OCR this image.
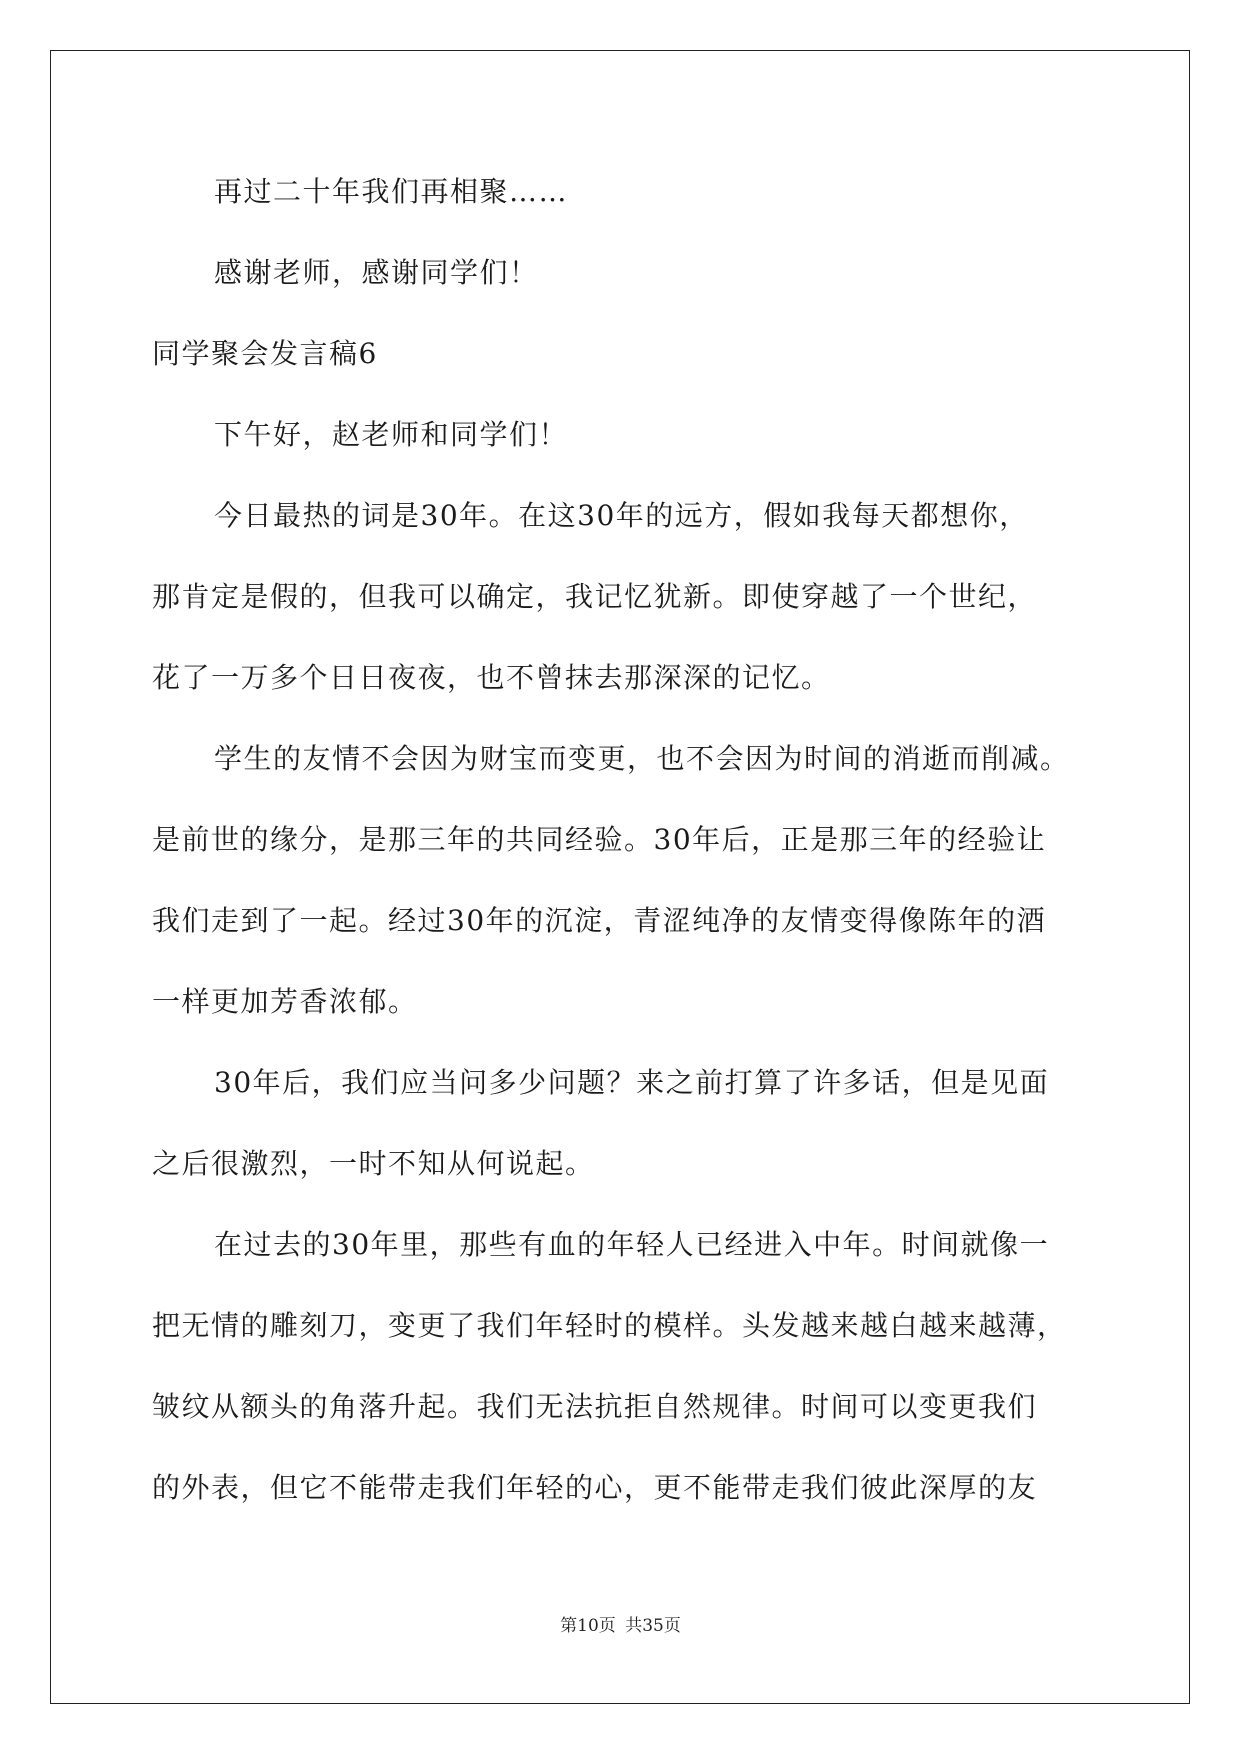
再过二十年我们再相聚……
感谢老师，感谢同学们！
同学聚会发言稿6
下午好，赵老师和同学们！
今日最热的词是30年。在这30年的远方，假如我每天都想你，
那肯定是假的，但我可以确定，我记忆犹新。即使穿越了一个世纪，
花了一万多个日日夜夜，也不曾抹去那深深的记忆。
学生的友情不会因为财宝而变更，也不会因为时间的消逝而削减。
是前世的缘分，是那三年的共同经验。30年后，正是那三年的经验让
我们走到了一起。经过30年的沉淀，青涩纯净的友情变得像陈年的酒
一样更加芳香浓郁。
30年后，我们应当问多少问题？来之前打算了许多话，但是见面
之后很激烈，一时不知从何说起。
在过去的30年里，那些有血的年轻人已经进入中年。时间就像一
把无情的雕刻刀，变更了我们年轻时的模样。头发越来越白越来越薄，
皱纹从额头的角落升起。我们无法抗拒自然规律。时间可以变更我们
的外表，但它不能带走我们年轻的心，更不能带走我们彼此深厚的友
第10页 共35页
